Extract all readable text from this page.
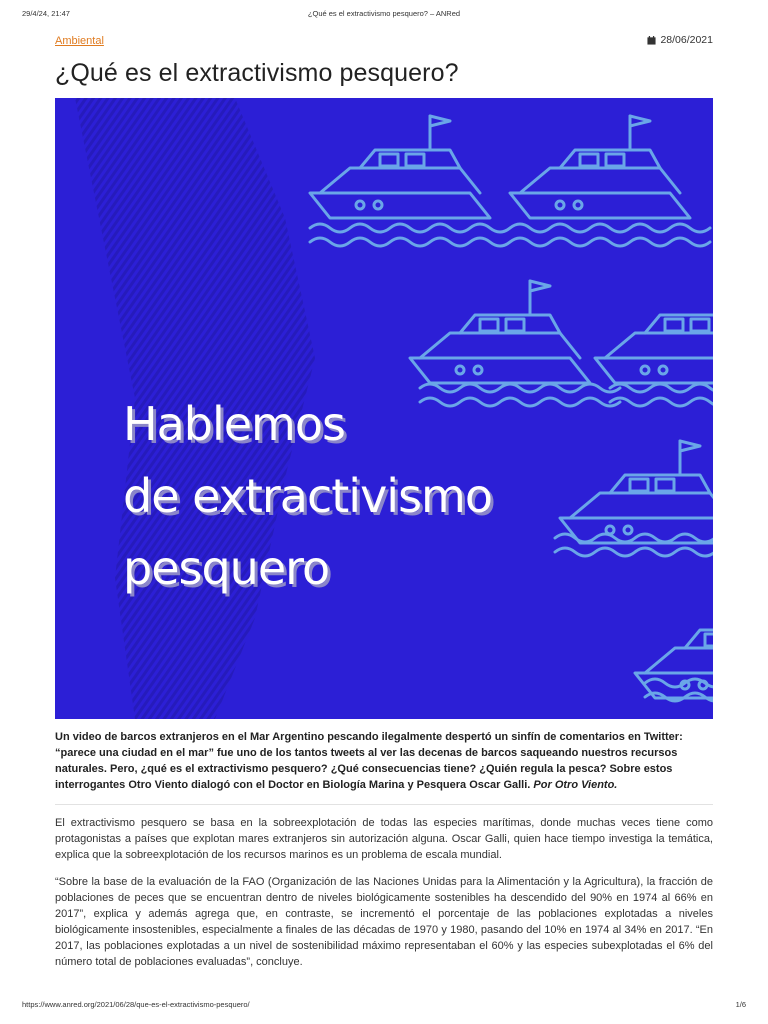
29/4/24, 21:47	¿Qué es el extractivismo pesquero? – ANRed
Ambiental	28/06/2021
¿Qué es el extractivismo pesquero?
Hablemos
de extractivismo
pesquero

Un video de barcos extranjeros en el Mar Argentino pescando ilegalmente despertó un sinfín de comentarios en Twitter: “parece una ciudad en el mar” fue uno de los tantos tweets al ver las decenas de barcos saqueando nuestros recursos naturales. Pero, ¿qué es el extractivismo pesquero? ¿Qué consecuencias tiene? ¿Quién regula la pesca? Sobre estos interrogantes Otro Viento dialogó con el Doctor en Biología Marina y Pesquera Oscar Galli. Por Otro Viento.

El extractivismo pesquero se basa en la sobreexplotación de todas las especies marítimas, donde muchas veces tiene como protagonistas a países que explotan mares extranjeros sin autorización alguna. Oscar Galli, quien hace tiempo investiga la temática, explica que la sobreexplotación de los recursos marinos es un problema de escala mundial.

“Sobre la base de la evaluación de la FAO (Organización de las Naciones Unidas para la Alimentación y la Agricultura), la fracción de poblaciones de peces que se encuentran dentro de niveles biológicamente sostenibles ha descendido del 90% en 1974 al 66% en 2017”, explica y además agrega que, en contraste, se incrementó el porcentaje de las poblaciones explotadas a niveles biológicamente insostenibles, especialmente a finales de las décadas de 1970 y 1980, pasando del 10% en 1974 al 34% en 2017. “En 2017, las poblaciones explotadas a un nivel de sostenibilidad máximo representaban el 60% y las especies subexplotadas el 6% del número total de poblaciones evaluadas”, concluye.

https://www.anred.org/2021/06/28/que-es-el-extractivismo-pesquero/	1/6
